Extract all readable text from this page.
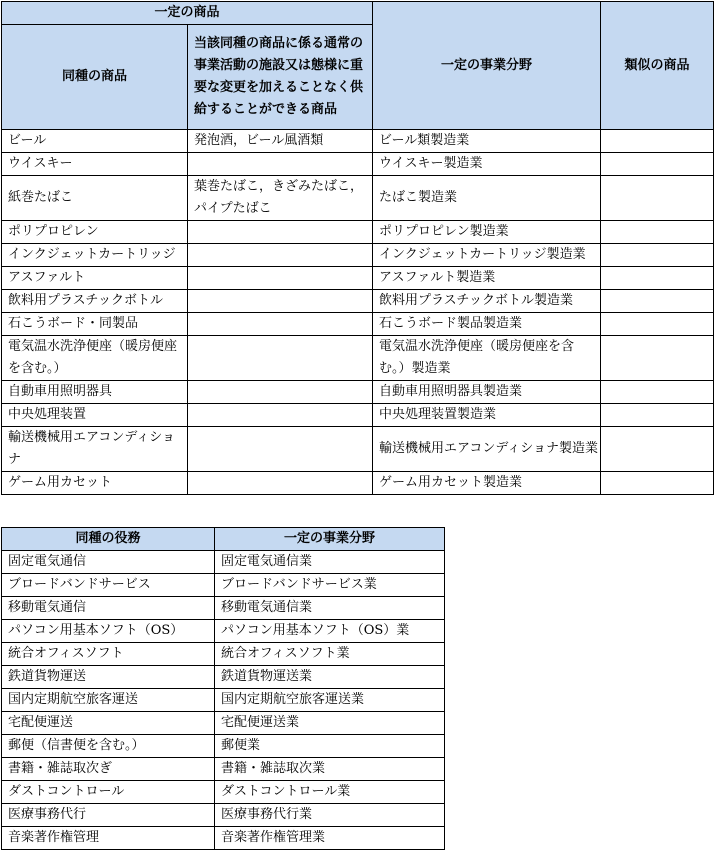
一定の商品		一定の事業分野	類似の商品
同種の商品	当該同種の商品に係る通常の事業活動の施設又は態様に重要な変更を加えることなく供給することができる商品		
ビール	発泡酒，ビール風酒類	ビール類製造業	
ウイスキー		ウイスキー製造業	
紙巻たばこ	葉巻たばこ，きざみたばこ，パイプたばこ	たばこ製造業	
ポリプロピレン		ポリプロピレン製造業	
インクジェットカートリッジ		インクジェットカートリッジ製造業	
アスファルト		アスファルト製造業	
飲料用プラスチックボトル		飲料用プラスチックボトル製造業	
石こうボード・同製品		石こうボード製品製造業	
電気温水洗浄便座（暖房便座を含む。）		電気温水洗浄便座（暖房便座を含む。）製造業	
自動車用照明器具		自動車用照明器具製造業	
中央処理装置		中央処理装置製造業	
輸送機械用エアコンディショナ		輸送機械用エアコンディショナ製造業	
ゲーム用カセット		ゲーム用カセット製造業	
同種の役務	一定の事業分野
固定電気通信	固定電気通信業
ブロードバンドサービス	ブロードバンドサービス業
移動電気通信	移動電気通信業
パソコン用基本ソフト（OS）	パソコン用基本ソフト（OS）業
統合オフィスソフト	統合オフィスソフト業
鉄道貨物運送	鉄道貨物運送業
国内定期航空旅客運送	国内定期航空旅客運送業
宅配便運送	宅配便運送業
郵便（信書便を含む。）	郵便業
書籍・雑誌取次ぎ	書籍・雑誌取次業
ダストコントロール	ダストコントロール業
医療事務代行	医療事務代行業
音楽著作権管理	音楽著作権管理業
